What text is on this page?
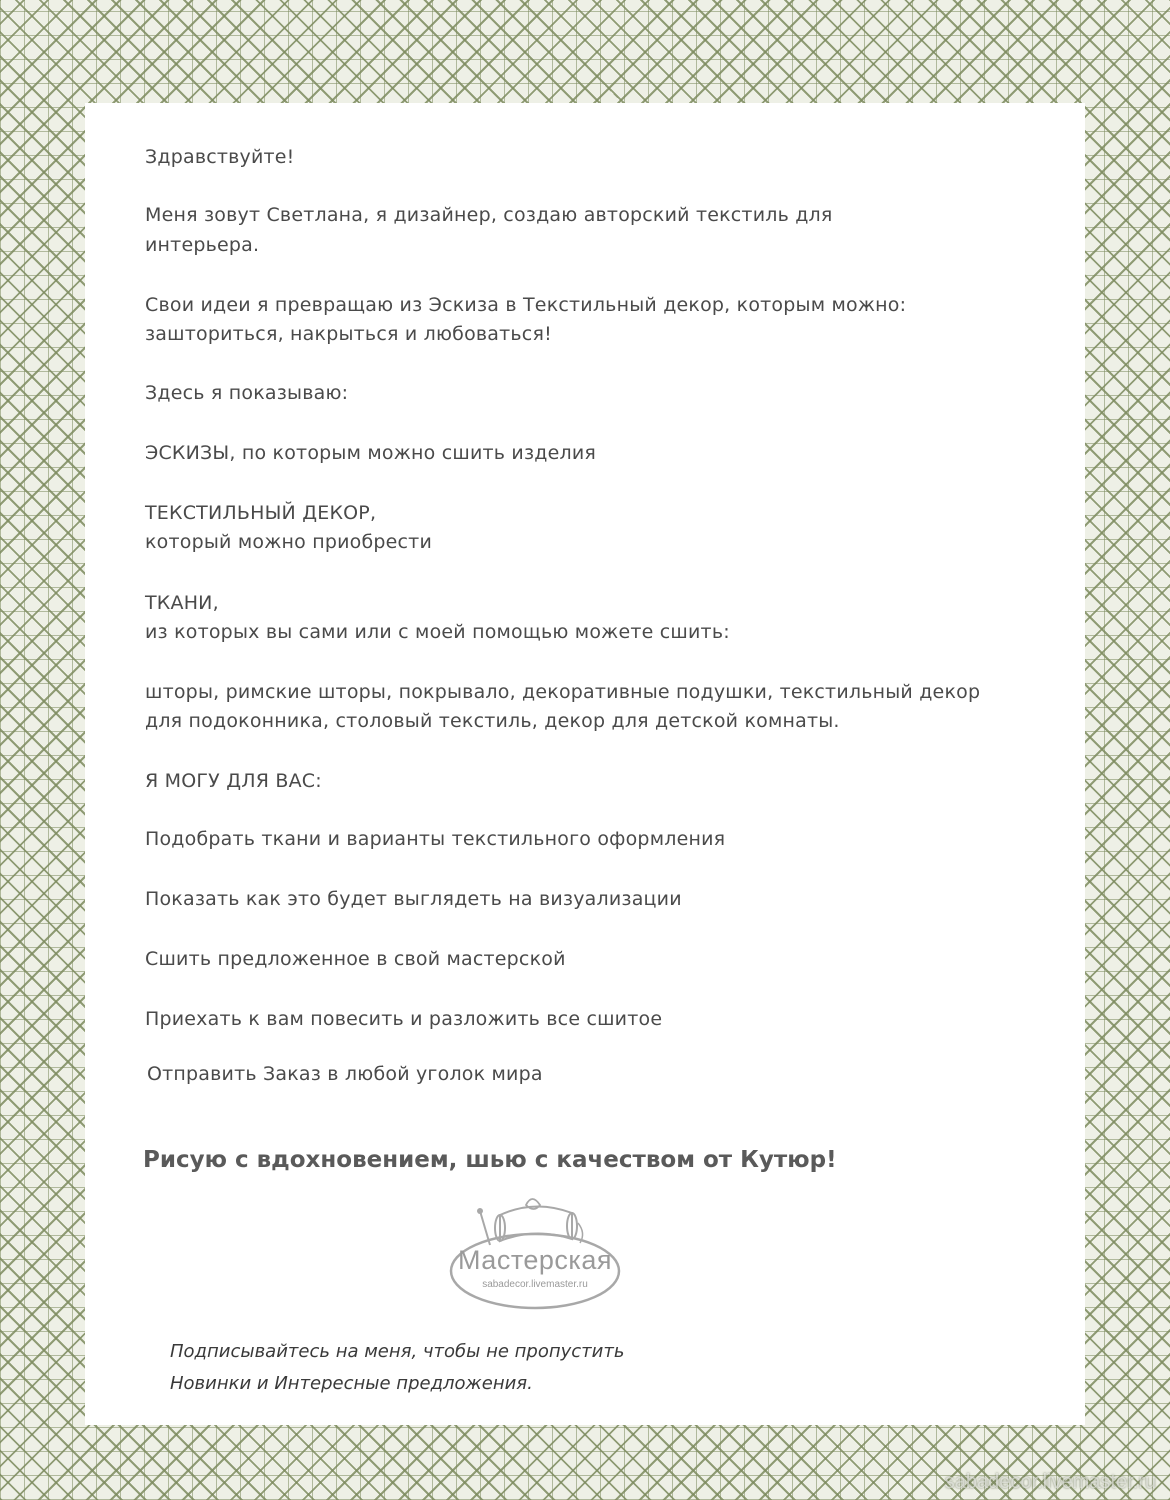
Здравствуйте!

Меня зовут Светлана, я дизайнер, создаю авторский текстиль для

интерьера.

Свои идеи я превращаю из Эскиза в Текстильный декор, которым можно:

зашториться, накрыться и любоваться!

Здесь я показываю:

ЭСКИЗЫ, по которым можно сшить изделия

ТЕКСТИЛЬНЫЙ ДЕКОР,

который можно приобрести

ТКАНИ,

из которых вы сами или с моей помощью можете сшить:

шторы, римские шторы, покрывало, декоративные подушки, текстильный декор

для подоконника, столовый текстиль, декор для детской комнаты.

Я МОГУ ДЛЯ ВАС:

Подобрать ткани и варианты текстильного оформления

Показать как это будет выглядеть на визуализации

Сшить предложенное в свой мастерской

Приехать к вам повесить и разложить все сшитое

Отправить Заказ в любой уголок мира

Рисую с вдохновением, шью с качеством от Кутюр!

Мастерская
sabadecor.livemaster.ru

Подписывайтесь на меня, чтобы не пропустить

Новинки и Интересные предложения.

sabadecor.livemaster.ru
